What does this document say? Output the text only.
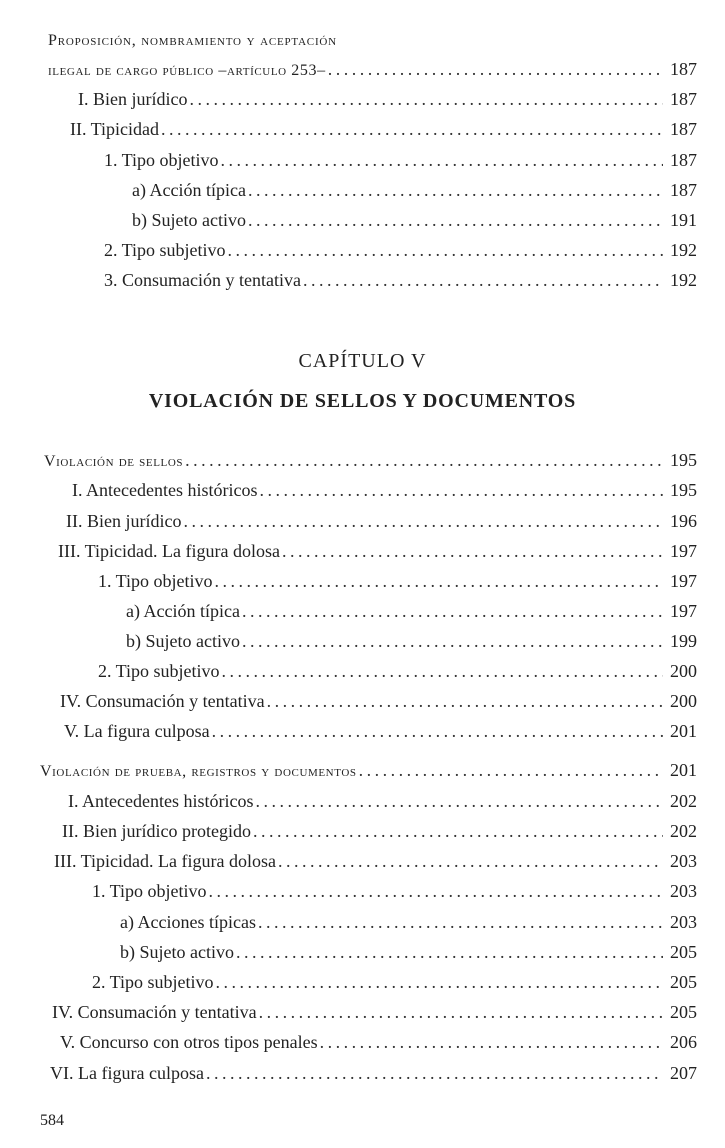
Proposición, nombramiento y aceptación
ilegal de cargo público –artículo 253– . . .	187
I. Bien jurídico . . .	187
II. Tipicidad . . .	187
1. Tipo objetivo . . .	187
a) Acción típica . . .	187
b) Sujeto activo . . .	191
2. Tipo subjetivo . . .	192
3. Consumación y tentativa . . .	192
CAPÍTULO V
VIOLACIÓN DE SELLOS Y DOCUMENTOS
Violación de sellos . . .	195
I. Antecedentes históricos . . .	195
II. Bien jurídico . . .	196
III. Tipicidad. La figura dolosa . . .	197
1. Tipo objetivo . . .	197
a) Acción típica . . .	197
b) Sujeto activo . . .	199
2. Tipo subjetivo . . .	200
IV. Consumación y tentativa . . .	200
V. La figura culposa . . .	201
Violación de prueba, registros y documentos . . .	201
I. Antecedentes históricos . . .	202
II. Bien jurídico protegido . . .	202
III. Tipicidad. La figura dolosa . . .	203
1. Tipo objetivo . . .	203
a) Acciones típicas . . .	203
b) Sujeto activo . . .	205
2. Tipo subjetivo . . .	205
IV. Consumación y tentativa . . .	205
V. Concurso con otros tipos penales . . .	206
VI. La figura culposa . . .	207
584
